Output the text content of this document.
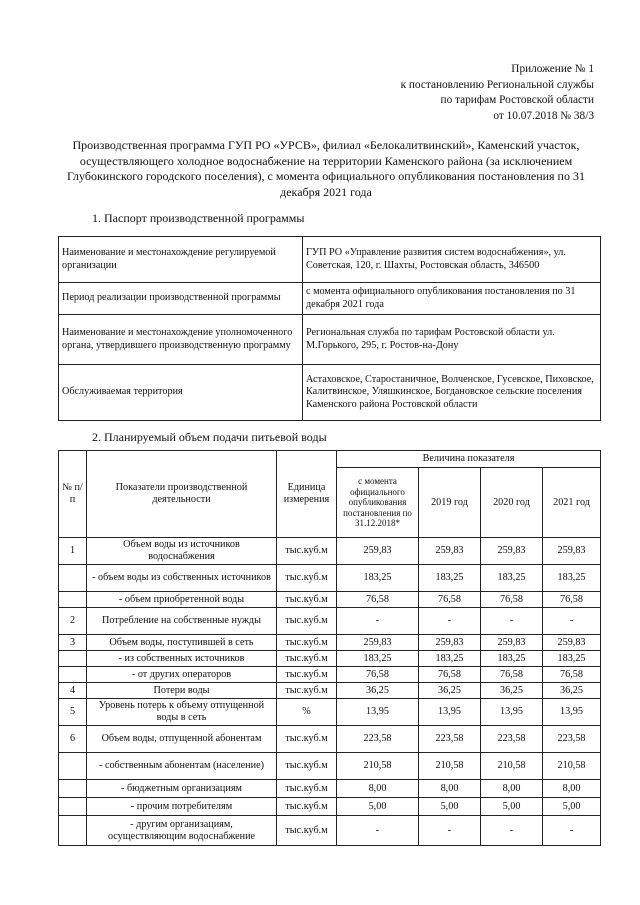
Приложение № 1
к постановлению Региональной службы
по тарифам Ростовской области
от 10.07.2018 № 38/3
Производственная программа ГУП РО «УРСВ», филиал «Белокалитвинский», Каменский участок, осуществляющего холодное водоснабжение на территории Каменского района (за исключением Глубокинского городского поселения), с момента официального опубликования постановления по 31 декабря 2021 года
1. Паспорт производственной программы
Наименование и местонахождение регулируемой организации	ГУП РО «Управление развития систем водоснабжения», ул. Советская, 120, г. Шахты, Ростовская область, 346500
Период реализации производственной программы	с момента официального опубликования постановления по 31 декабря 2021 года
Наименование и местонахождение уполномоченного органа, утвердившего производственную программу	Региональная служба по тарифам Ростовской области ул. М.Горького, 295, г. Ростов-на-Дону
Обслуживаемая территория	Астаховское, Старостаничное, Волченское, Гусевское, Пиховское, Калитвинское, Уляшкинское, Богдановское сельские поселения Каменского района Ростовской области
2. Планируемый объем подачи питьевой воды
№ п/п	Показатели производственной деятельности	Единица измерения	Величина показателя			
			с момента официального опубликования постановления по 31.12.2018*	2019 год	2020 год	2021 год
1	Объем воды из источников водоснабжения	тыс.куб.м	259,83	259,83	259,83	259,83
	- объем воды из собственных источников	тыс.куб.м	183,25	183,25	183,25	183,25
	- объем приобретенной воды	тыс.куб.м	76,58	76,58	76,58	76,58
2	Потребление на собственные нужды	тыс.куб.м	-	-	-	-
3	Объем воды, поступившей в сеть	тыс.куб.м	259,83	259,83	259,83	259,83
	- из собственных источников	тыс.куб.м	183,25	183,25	183,25	183,25
	- от других операторов	тыс.куб.м	76,58	76,58	76,58	76,58
4	Потери воды	тыс.куб.м	36,25	36,25	36,25	36,25
5	Уровень потерь к объему отпущенной воды в сеть	%	13,95	13,95	13,95	13,95
6	Объем воды, отпущенной абонентам	тыс.куб.м	223,58	223,58	223,58	223,58
	- собственным абонентам (население)	тыс.куб.м	210,58	210,58	210,58	210,58
	- бюджетным организациям	тыс.куб.м	8,00	8,00	8,00	8,00
	- прочим потребителям	тыс.куб.м	5,00	5,00	5,00	5,00
	- другим организациям, осуществляющим водоснабжение	тыс.куб.м	-	-	-	-
